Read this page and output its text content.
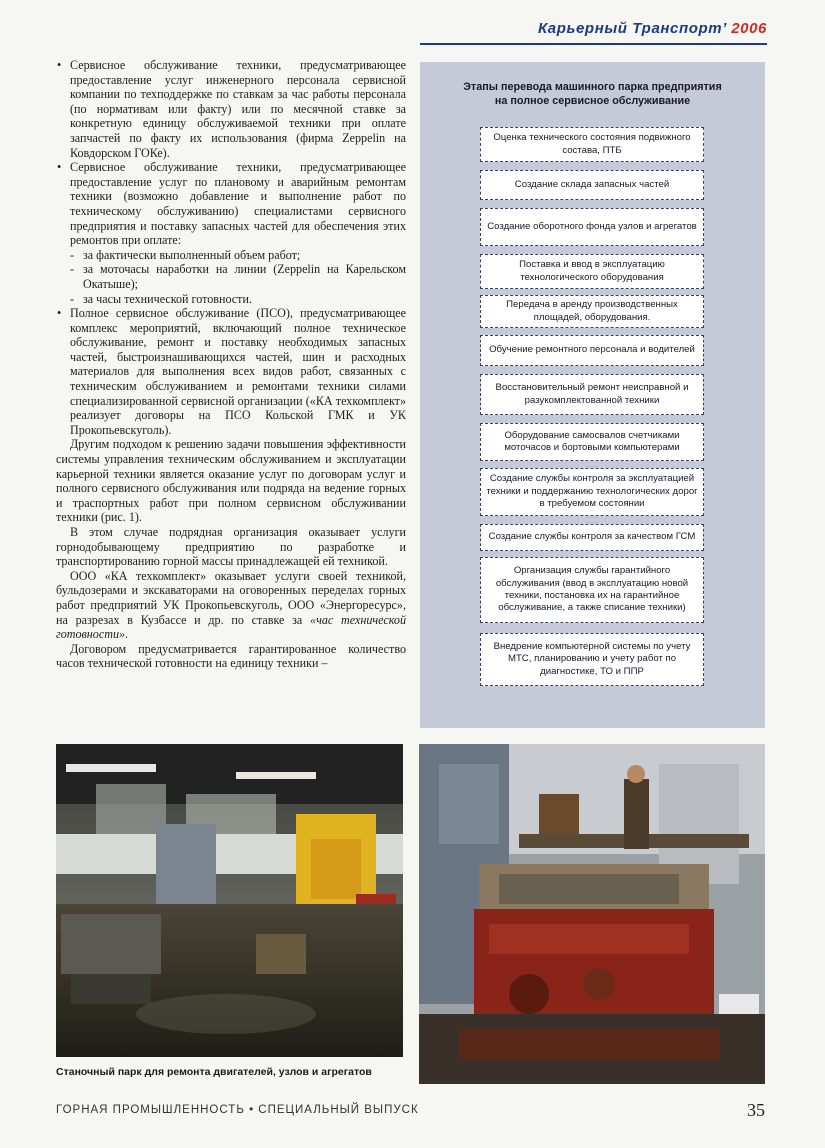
Карьерный Транспорт’ 2006

• Сервисное обслуживание техники, предусматривающее предоставление услуг инженерного персонала сервисной компании по техподдержке по ставкам за час работы персонала (по нормативам или факту) или по месячной ставке за конкретную единицу обслуживаемой техники при оплате запчастей по факту их использования (фирма Zeppelin на Ковдорском ГОКе).

• Сервисное обслуживание техники, предусматривающее предоставление услуг по плановому и аварийным ремонтам техники (возможно добавление и выполнение работ по техническому обслуживанию) специалистами сервисного предприятия и поставку запасных частей для обеспечения этих ремонтов при оплате:

- за фактически выполненный объем работ;

- за моточасы наработки на линии (Zeppelin на Карельском Окатыше);

- за часы технической готовности.

• Полное сервисное обслуживание (ПСО), предусматривающее комплекс мероприятий, включающий полное техническое обслуживание, ремонт и поставку необходимых запасных частей, быстроизнашивающихся частей, шин и расходных материалов для выполнения всех видов работ, связанных с техническим обслуживанием и ремонтами техники силами специализированной сервисной организации («КА техкомплект» реализует договоры на ПСО Кольской ГМК и УК Прокопьевскуголь).

Другим подходом к решению задачи повышения эффективности системы управления техническим обслуживанием и эксплуатации карьерной техники является оказание услуг по договорам услуг и полного сервисного обслуживания или подряда на ведение горных и траспортных работ при полном сервисном обслуживании техники (рис. 1).

В этом случае подрядная организация оказывает услуги горнодобывающему предприятию по разработке и транспортированию горной массы принадлежащей ей техникой.

ООО «КА техкомплект» оказывает услуги своей техникой, бульдозерами и экскаваторами на оговоренных переделах горных работ предприятий УК Прокопьевскуголь, ООО «Энергоресурс», на разрезах в Кузбассе и др. по ставке за «час технической готовности».

Договором предусматривается гарантированное количество часов технической готовности на единицу техники –

Этапы перевода машинного парка предприятия
на полное сервисное обслуживание
Оценка технического состояния подвижного состава, ПТБ
Создание склада запасных частей
Создание оборотного фонда узлов и агрегатов
Поставка и ввод в эксплуатацию технологического оборудования
Передача в аренду производственных площадей, оборудования.
Обучение ремонтного персонала и водителей
Восстановительный ремонт неисправной и разукомплектованной техники
Оборудование самосвалов счетчиками моточасов и бортовыми компьютерами
Создание службы контроля за эксплуатацией техники и поддержанию технологических дорог в требуемом состоянии
Создание службы контроля за качеством ГСМ
Организация службы гарантийного обслуживания (ввод в эксплуатацию новой техники, постановка их на гарантийное обслуживание, а также списание техники)
Внедрение компьютерной системы по учету МТС, планированию и учету работ по диагностике, ТО и ППР
Станочный парк для ремонта двигателей, узлов и агрегатов
ГОРНАЯ ПРОМЫШЛЕННОСТЬ • СПЕЦИАЛЬНЫЙ ВЫПУСК	35
